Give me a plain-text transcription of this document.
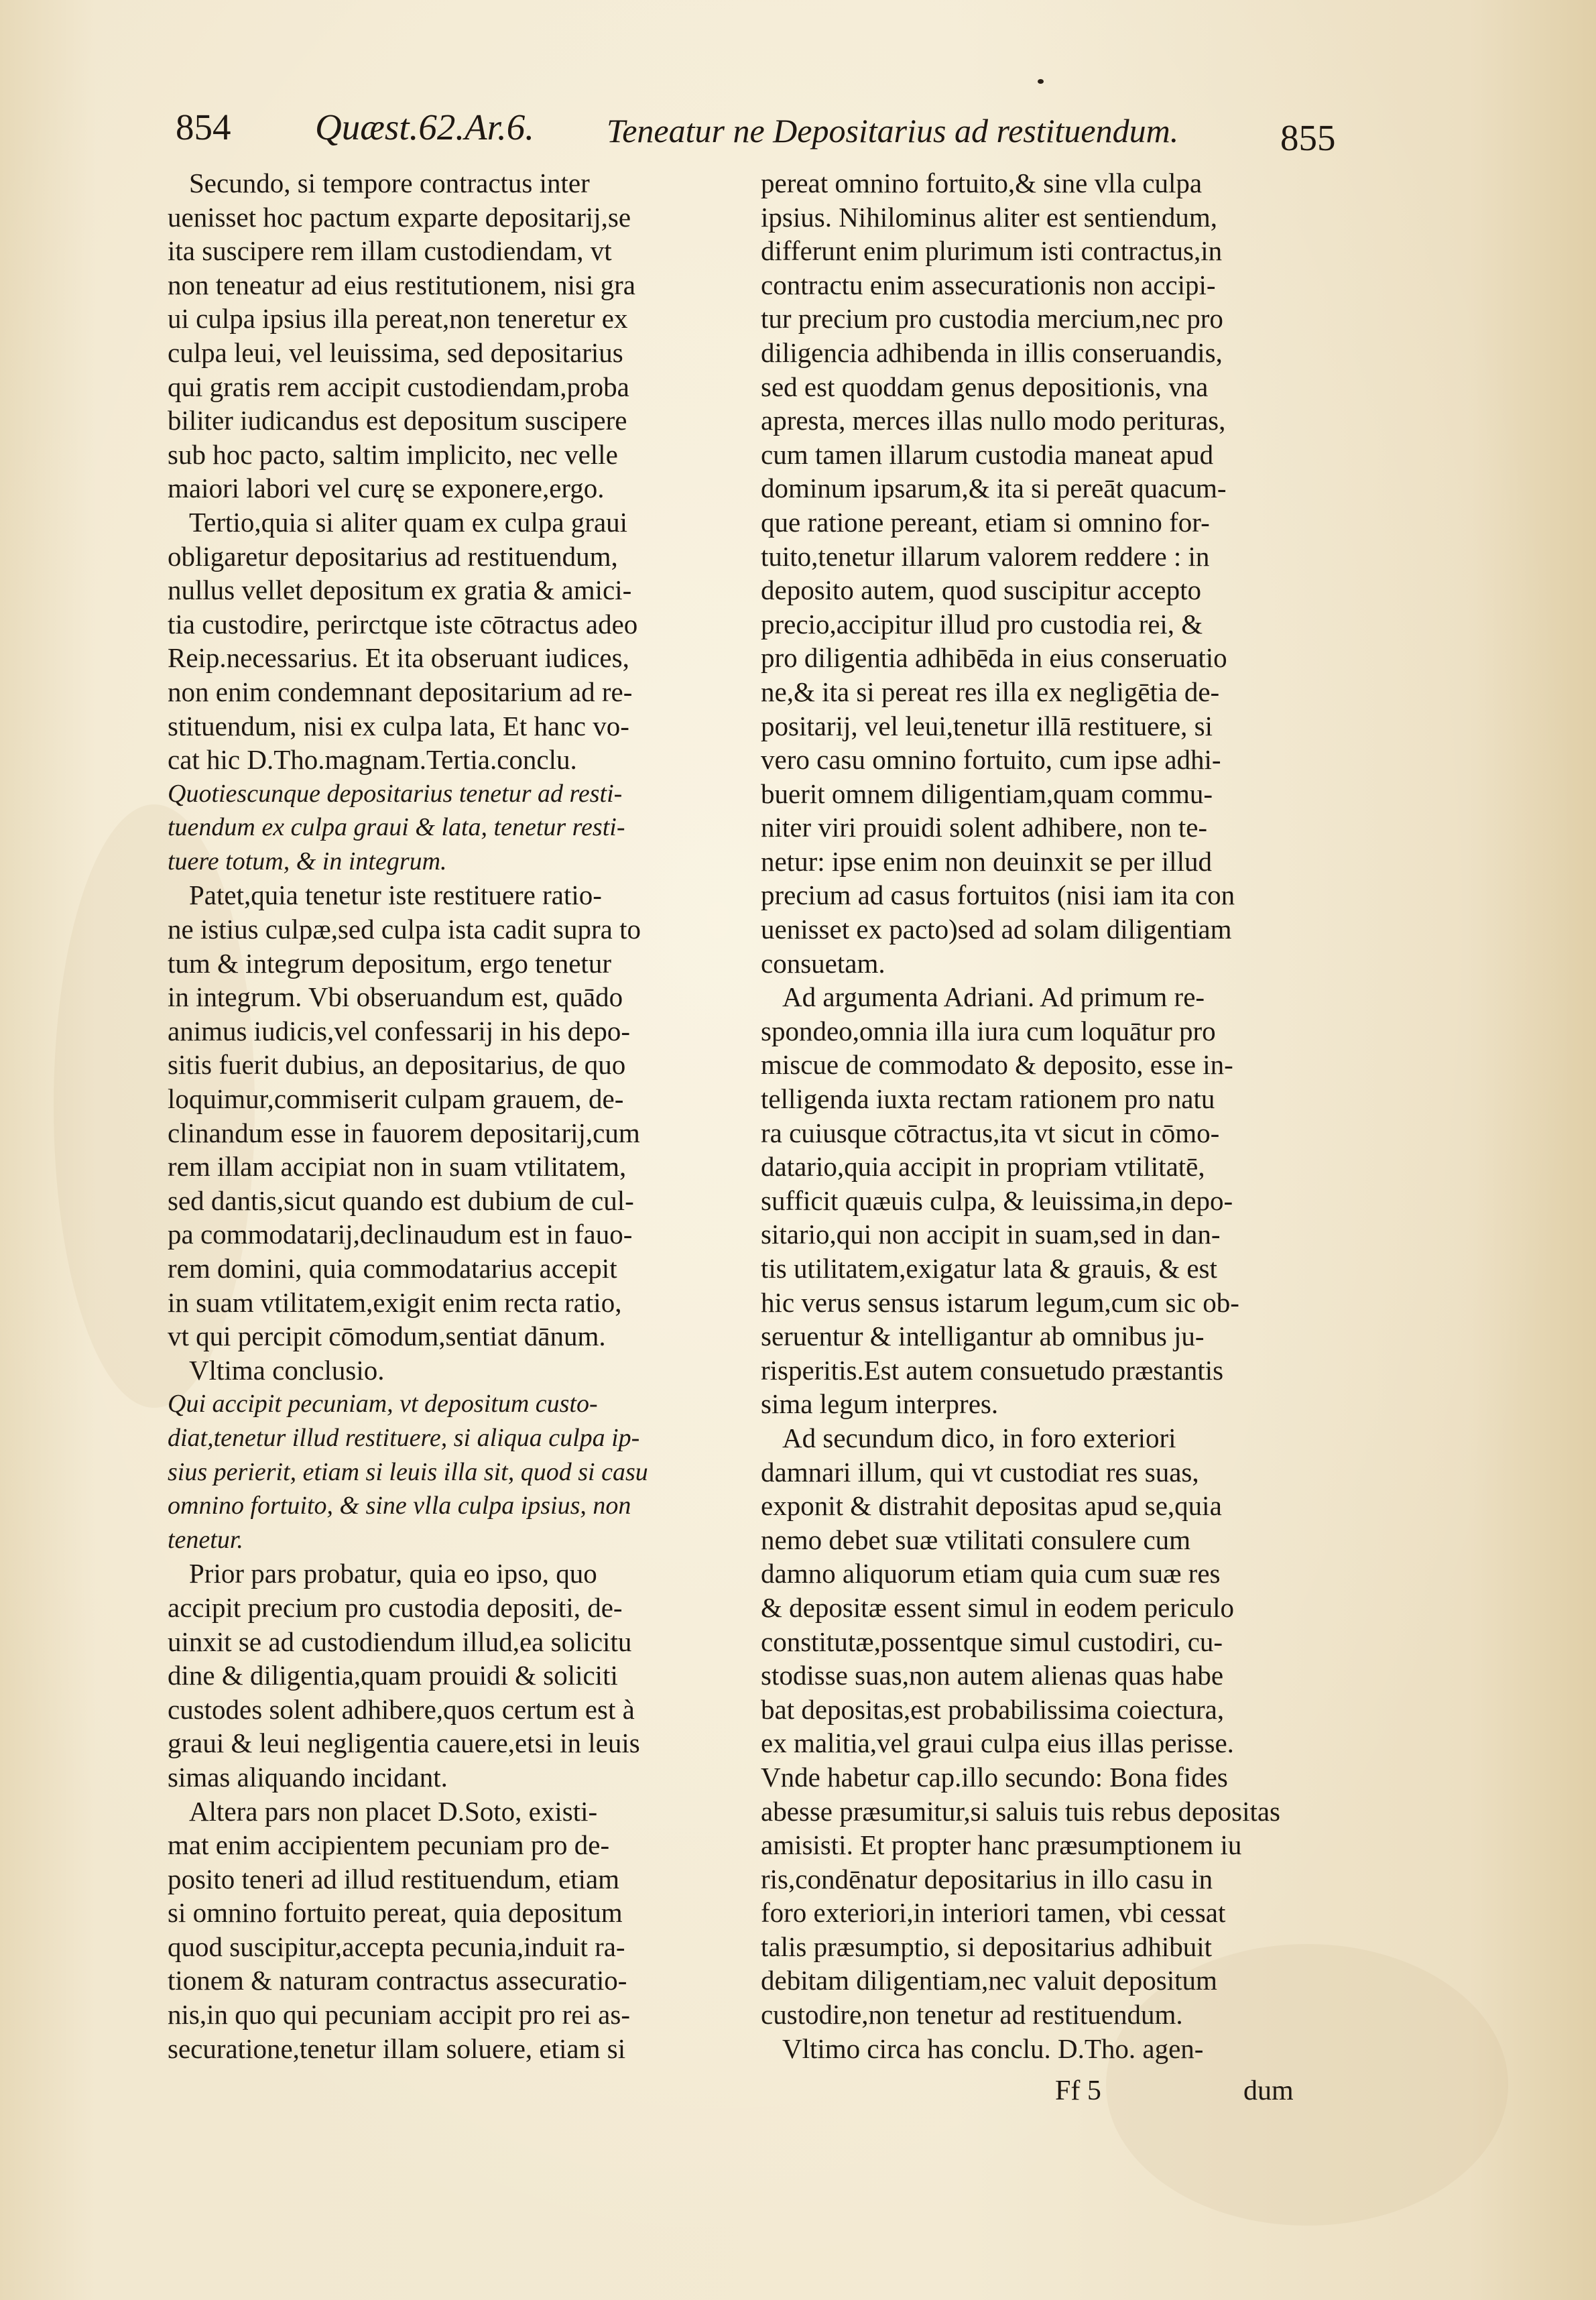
854 Quæst.62.Ar.6. Teneatur ne Depositarius ad restituendum.	855
Secundo, si tempore contractus inter
uenisset hoc pactum exparte depositarij,se
ita suscipere rem illam custodiendam, vt
non teneatur ad eius restitutionem, nisi gra
ui culpa ipsius illa pereat,non teneretur ex
culpa leui, vel leuissima, sed depositarius
qui gratis rem accipit custodiendam,proba
biliter iudicandus est depositum suscipere
sub hoc pacto, saltim implicito, nec velle
maiori labori vel curę se exponere,ergo.
Tertio,quia si aliter quam ex culpa graui
obligaretur depositarius ad restituendum,
nullus vellet depositum ex gratia & amici-
tia custodire, perirctque iste cōtractus adeo
Reip.necessarius. Et ita obseruant iudices,
non enim condemnant depositarium ad re-
stituendum, nisi ex culpa lata, Et hanc vo-
cat hic D.Tho.magnam.Tertia.conclu.
Quotiescunque depositarius tenetur ad resti-
tuendum ex culpa graui & lata, tenetur resti-
tuere totum, & in integrum.
Patet,quia tenetur iste restituere ratio-
ne istius culpæ,sed culpa ista cadit supra to
tum & integrum depositum, ergo tenetur
in integrum. Vbi obseruandum est, quādo
animus iudicis,vel confessarij in his depo-
sitis fuerit dubius, an depositarius, de quo
loquimur,commiserit culpam grauem, de-
clinandum esse in fauorem depositarij,cum
rem illam accipiat non in suam vtilitatem,
sed dantis,sicut quando est dubium de cul-
pa commodatarij,declinaudum est in fauo-
rem domini, quia commodatarius accepit
in suam vtilitatem,exigit enim recta ratio,
vt qui percipit cōmodum,sentiat dānum.
Vltima conclusio.
Qui accipit pecuniam, vt depositum custo-
diat,tenetur illud restituere, si aliqua culpa ip-
sius perierit, etiam si leuis illa sit, quod si casu
omnino fortuito, & sine vlla culpa ipsius, non
tenetur.
Prior pars probatur, quia eo ipso, quo
accipit precium pro custodia depositi, de-
uinxit se ad custodiendum illud,ea solicitu
dine & diligentia,quam prouidi & soliciti
custodes solent adhibere,quos certum est à
graui & leui negligentia cauere,etsi in leuis
simas aliquando incidant.
Altera pars non placet D.Soto, existi-
mat enim accipientem pecuniam pro de-
posito teneri ad illud restituendum, etiam
si omnino fortuito pereat, quia depositum
quod suscipitur,accepta pecunia,induit ra-
tionem & naturam contractus assecuratio-
nis,in quo qui pecuniam accipit pro rei as-
securatione,tenetur illam soluere, etiam si
pereat omnino fortuito,& sine vlla culpa
ipsius. Nihilominus aliter est sentiendum,
differunt enim plurimum isti contractus,in
contractu enim assecurationis non accipi-
tur precium pro custodia mercium,nec pro
diligencia adhibenda in illis conseruandis,
sed est quoddam genus depositionis, vna
apresta, merces illas nullo modo perituras,
cum tamen illarum custodia maneat apud
dominum ipsarum,& ita si pereāt quacum-
que ratione pereant, etiam si omnino for-
tuito,tenetur illarum valorem reddere : in
deposito autem, quod suscipitur accepto
precio,accipitur illud pro custodia rei, &
pro diligentia adhibēda in eius conseruatio
ne,& ita si pereat res illa ex negligētia de-
positarij, vel leui,tenetur illā restituere, si
vero casu omnino fortuito, cum ipse adhi-
buerit omnem diligentiam,quam commu-
niter viri prouidi solent adhibere, non te-
netur: ipse enim non deuinxit se per illud
precium ad casus fortuitos (nisi iam ita con
uenisset ex pacto)sed ad solam diligentiam
consuetam.
Ad argumenta Adriani. Ad primum re-
spondeo,omnia illa iura cum loquātur pro
miscue de commodato & deposito, esse in-
telligenda iuxta rectam rationem pro natu
ra cuiusque cōtractus,ita vt sicut in cōmo-
datario,quia accipit in propriam vtilitatē,
sufficit quæuis culpa, & leuissima,in depo-
sitario,qui non accipit in suam,sed in dan-
tis utilitatem,exigatur lata & grauis, & est
hic verus sensus istarum legum,cum sic ob-
seruentur & intelligantur ab omnibus ju-
risperitis.Est autem consuetudo præstantis
sima legum interpres.
Ad secundum dico, in foro exteriori
damnari illum, qui vt custodiat res suas,
exponit & distrahit depositas apud se,quia
nemo debet suæ vtilitati consulere cum
damno aliquorum etiam quia cum suæ res
& depositæ essent simul in eodem periculo
constitutæ,possentque simul custodiri, cu-
stodisse suas,non autem alienas quas habe
bat depositas,est probabilissima coiectura,
ex malitia,vel graui culpa eius illas perisse.
Vnde habetur cap.illo secundo: Bona fides
abesse præsumitur,si saluis tuis rebus depositas
amisisti. Et propter hanc præsumptionem iu
ris,condēnatur depositarius in illo casu in
foro exteriori,in interiori tamen, vbi cessat
talis præsumptio, si depositarius adhibuit
debitam diligentiam,nec valuit depositum
custodire,non tenetur ad restituendum.
Vltimo circa has conclu. D.Tho. agen-
Ff 5	dum
